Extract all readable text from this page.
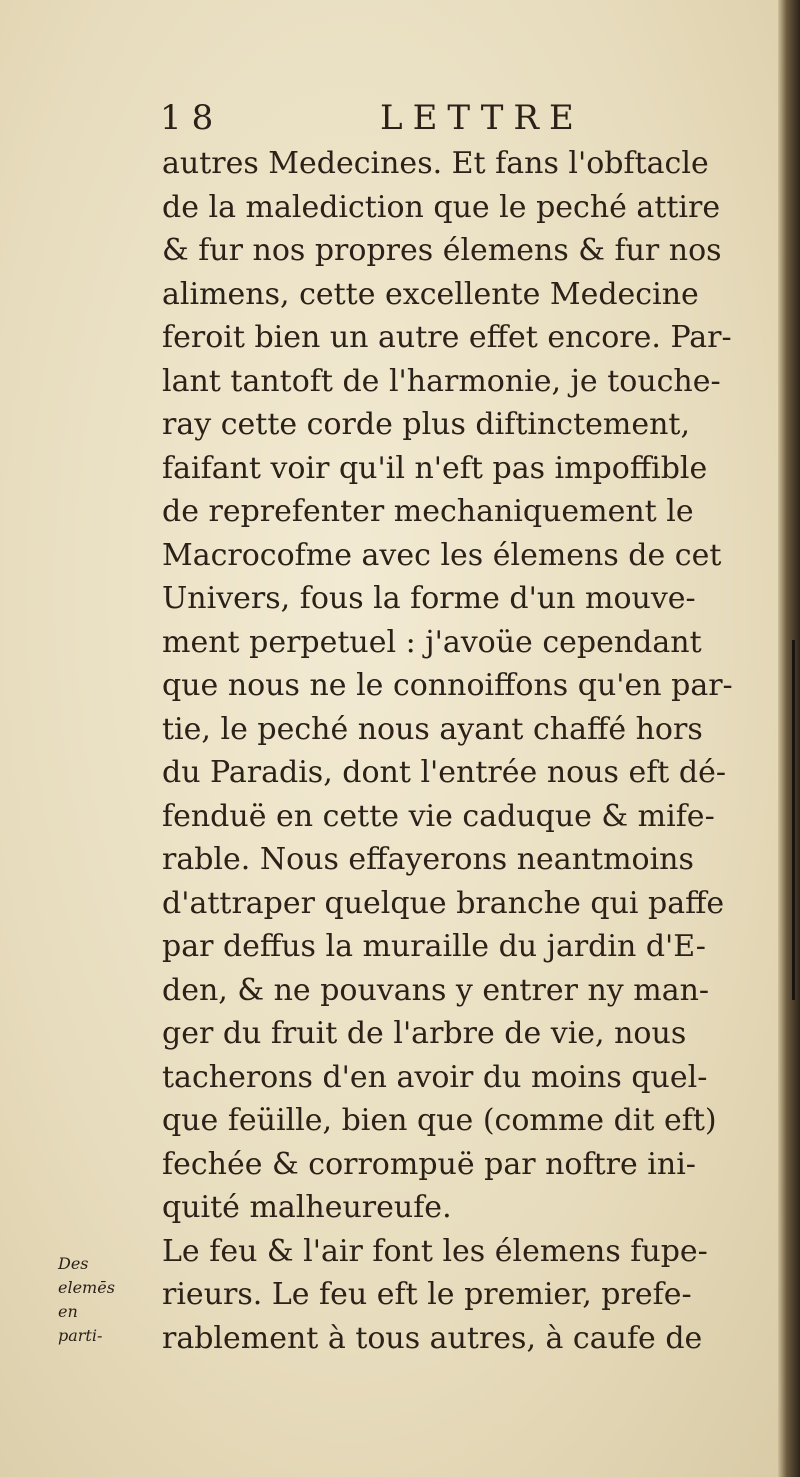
18	LETTRE
autres Medecines. Et fans l'obftacle
de la malediction que le peché attire
& fur nos propres élemens & fur nos
alimens, cette excellente Medecine
feroit bien un autre effet encore. Par-
lant tantoft de l'harmonie, je touche-
ray cette corde plus diftinctement,
faifant voir qu'il n'eft pas impoffible
de reprefenter mechaniquement le
Macrocofme avec les élemens de cet
Univers, fous la forme d'un mouve-
ment perpetuel : j'avoüe cependant
que nous ne le connoiffons qu'en par-
tie, le peché nous ayant chaffé hors
du Paradis, dont l'entrée nous eft dé-
fenduë en cette vie caduque & mife-
rable. Nous effayerons neantmoins
d'attraper quelque branche qui paffe
par deffus la muraille du jardin d'E-
den, & ne pouvans y entrer ny man-
ger du fruit de l'arbre de vie, nous
tacherons d'en avoir du moins quel-
que feüille, bien que (comme dit eft)
fechée & corrompuë par noftre ini-
quité malheureufe.
Le feu & l'air font les élemens fupe-
rieurs. Le feu eft le premier, prefe-
rablement à tous autres, à caufe de
Des
elemēs
en
parti-
